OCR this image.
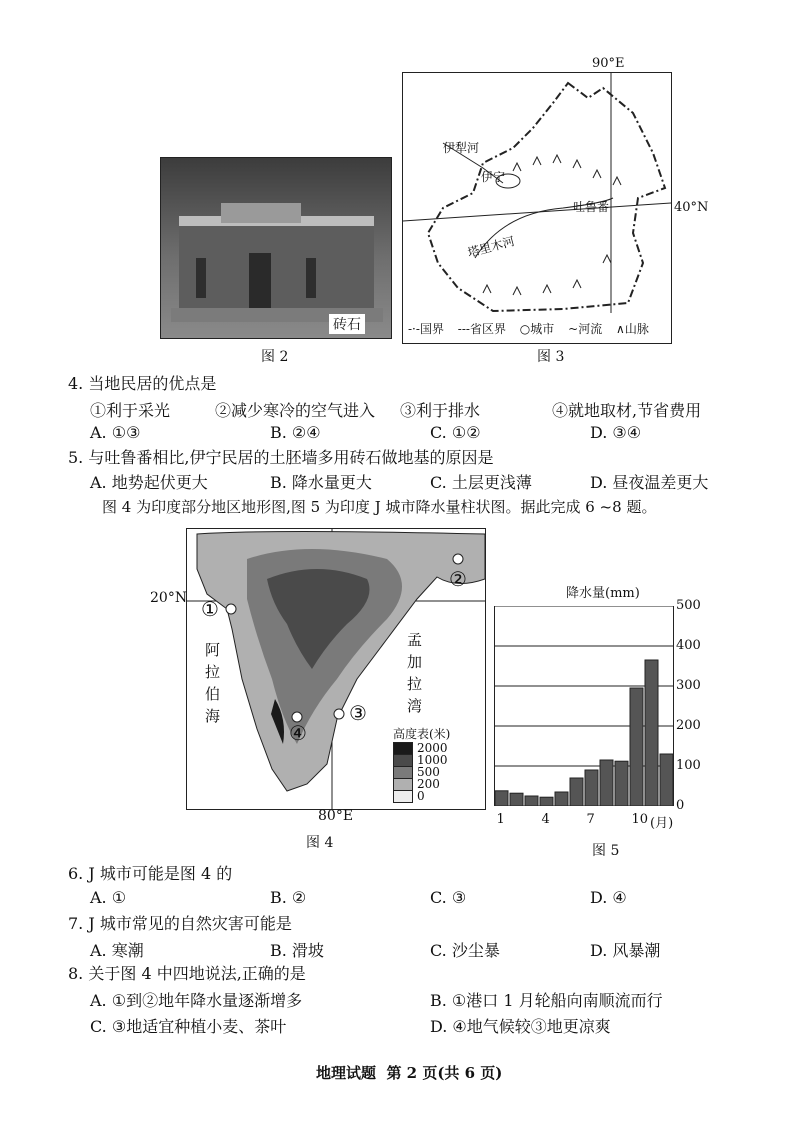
砖石
图 2
90°E
伊犁河
伊宁
吐鲁番
塔里木河
40°N
-·-国界 ---省区界 ○城市 ~河流 ∧山脉
图 3
4. 当地民居的优点是
①利于采光	②减少寒冷的空气进入 ③利于排水	④就地取材,节省费用
A. ①③	B. ②④	C. ①②	D. ③④
5. 与吐鲁番相比,伊宁民居的土胚墙多用砖石做地基的原因是
A. 地势起伏更大	B. 降水量更大	C. 土层更浅薄	D. 昼夜温差更大
图 4 为印度部分地区地形图,图 5 为印度 J 城市降水量柱状图。据此完成 6 ~8 题。
①
②
③
④
阿
拉
伯
海
孟
加
拉
湾
高度表(米)
2000
1000
500
200
0
20°N
80°E
图 4
降水量(mm)
0
100
200
300
400
500
1	4	7	10 (月)
图 5
6. J 城市可能是图 4 的
A. ①	B. ②	C. ③	D. ④
7. J 城市常见的自然灾害可能是
A. 寒潮	B. 滑坡	C. 沙尘暴	D. 风暴潮
8. 关于图 4 中四地说法,正确的是
A. ①到②地年降水量逐渐增多	B. ①港口 1 月轮船向南顺流而行
C. ③地适宜种植小麦、茶叶	D. ④地气候较③地更凉爽
地理试题  第 2 页(共 6 页)
